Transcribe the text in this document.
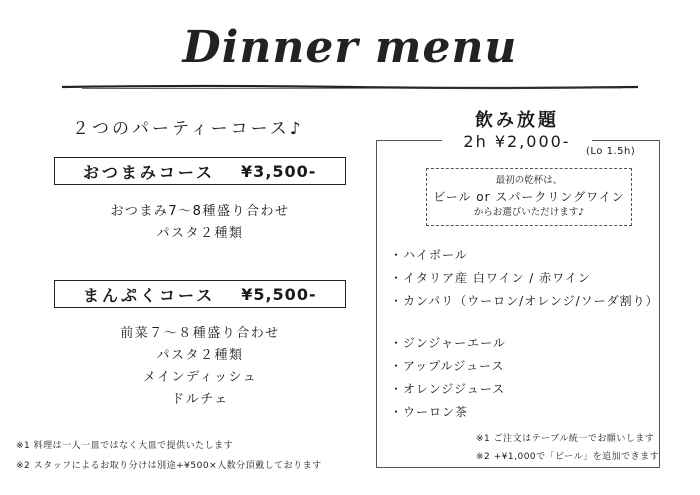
Dinner menu
２つのパーティーコース♪
おつまみコース ¥3,500-
おつまみ7～8種盛り合わせ
パスタ２種類
まんぷくコース ¥5,500-
前菜７～８種盛り合わせ
パスタ２種類
メインディッシュ
ドルチェ
※1 料理は一人一皿ではなく大皿で提供いたします
※2 スタッフによるお取り分けは別途+¥500×人数分頂戴しております
飲み放題
2h ¥2,000-
(Lo 1.5h)
最初の乾杯は、
ビール or スパークリングワイン
からお選びいただけます♪
・ハイボール
・イタリア産 白ワイン / 赤ワイン
・カンパリ（ウーロン/オレンジ/ソーダ割り）
・ジンジャーエール
・アップルジュース
・オレンジジュース
・ウーロン茶
※1 ご注文はテーブル統一でお願いします
※2 +¥1,000で「ビール」を追加できます
